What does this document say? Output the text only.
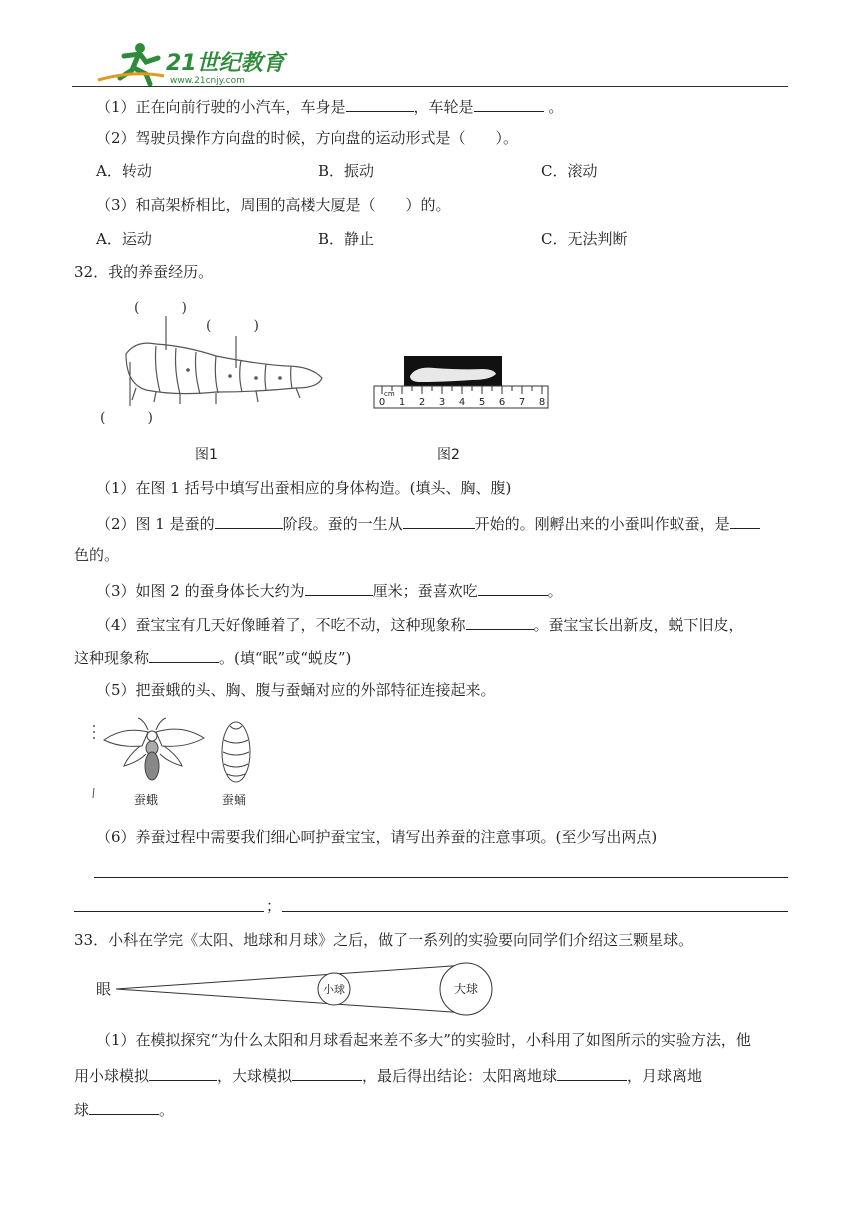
21世纪教育
www.21cnjy.com
（1）正在向前行驶的小汽车，车身是	，车轮是	。
（2）驾驶员操作方向盘的时候，方向盘的运动形式是（　　）。
A．转动	B．振动	C．滚动
（3）和高架桥相比，周围的高楼大厦是（　　）的。
A．运动	B．静止	C．无法判断
32．我的养蚕经历。
(　　　)
(　　　)
(　　　)
图1
0 1 2 3 4 5 6 7 8
cm
图2
（1）在图 1 括号中填写出蚕相应的身体构造。(填头、胸、腹)
（2）图 1 是蚕的	阶段。蚕的一生从	开始的。刚孵出来的小蚕叫作蚁蚕，是
色的。
（3）如图 2 的蚕身体长大约为	厘米；蚕喜欢吃	。
（4）蚕宝宝有几天好像睡着了，不吃不动，这种现象称	。蚕宝宝长出新皮，蜕下旧皮，
这种现象称	。(填“眠”或“蜕皮”)
（5）把蚕蛾的头、胸、腹与蚕蛹对应的外部特征连接起来。
蚕蛾	蚕蛹
（6）养蚕过程中需要我们细心呵护蚕宝宝，请写出养蚕的注意事项。(至少写出两点)
；
33．小科在学完《太阳、地球和月球》之后，做了一系列的实验要向同学们介绍这三颗星球。
眼	小球	大球
（1）在模拟探究“为什么太阳和月球看起来差不多大”的实验时，小科用了如图所示的实验方法，他
用小球模拟	，大球模拟	，最后得出结论：太阳离地球	，月球离地
球	。
